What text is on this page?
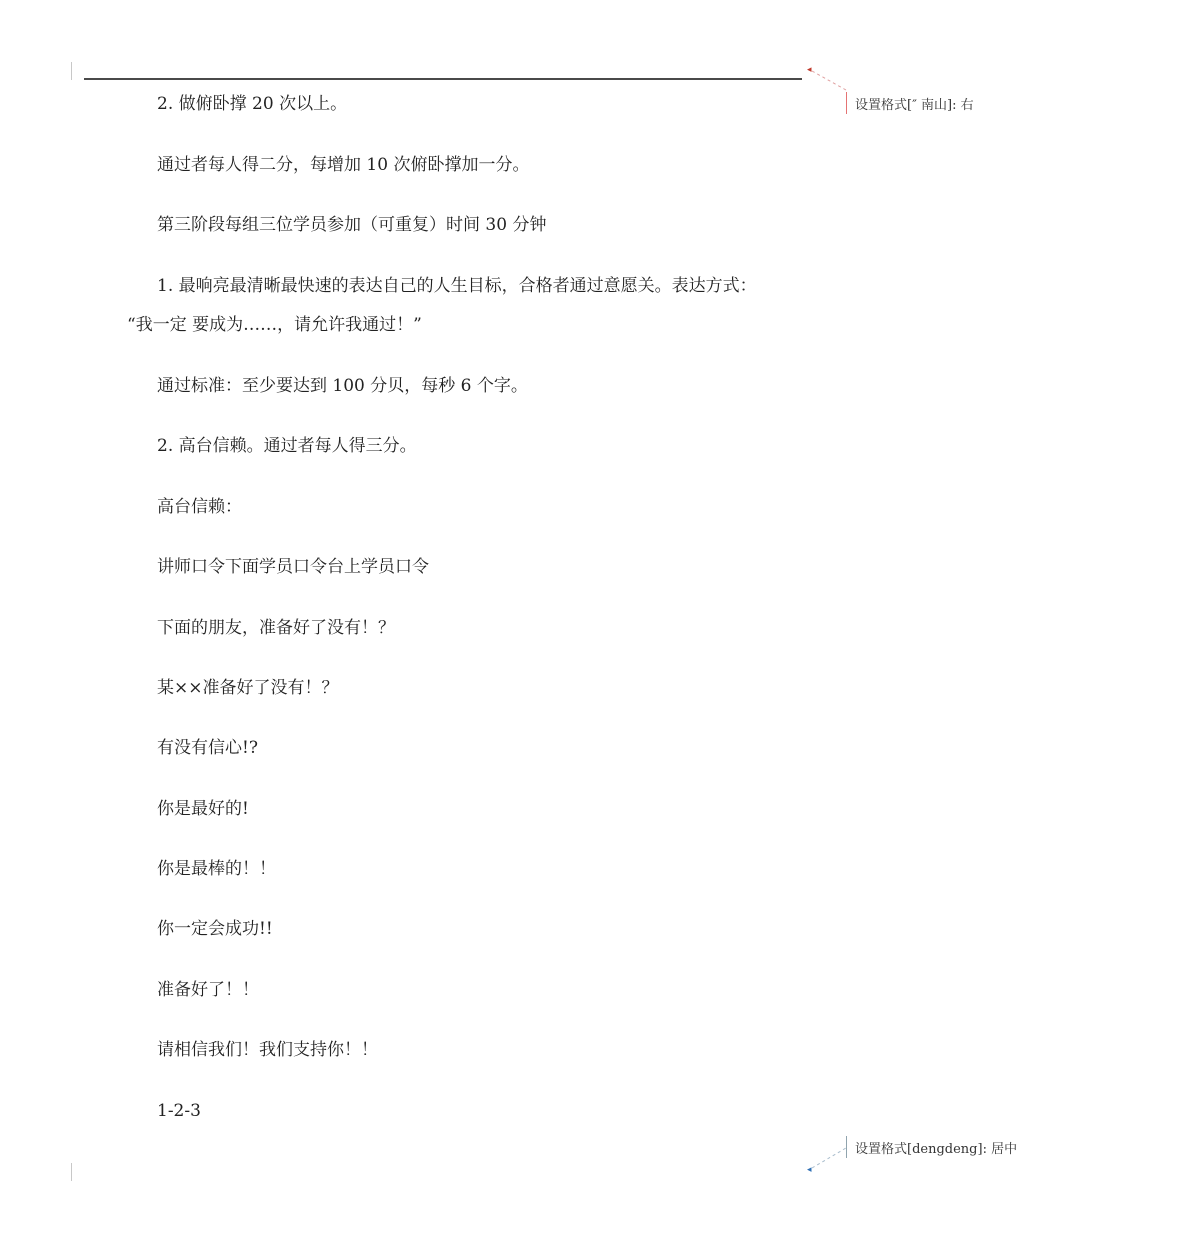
◂
◂
设置格式[″ 南山]: 右
设置格式[dengdeng]: 居中
2. 做俯卧撑 20 次以上。
通过者每人得二分，每增加 10 次俯卧撑加一分。
第三阶段每组三位学员参加（可重复）时间 30 分钟
1. 最响亮最清晰最快速的表达自己的人生目标，合格者通过意愿关。表达方式：
“我一定 要成为……，请允许我通过！”
通过标准：至少要达到 100 分贝，每秒 6 个字。
2. 高台信赖。通过者每人得三分。
高台信赖：
讲师口令下面学员口令台上学员口令
下面的朋友，准备好了没有！？
某××准备好了没有！？
有没有信心!?
你是最好的!
你是最棒的！！
你一定会成功!!
准备好了！！
请相信我们！我们支持你！！
1-2-3
